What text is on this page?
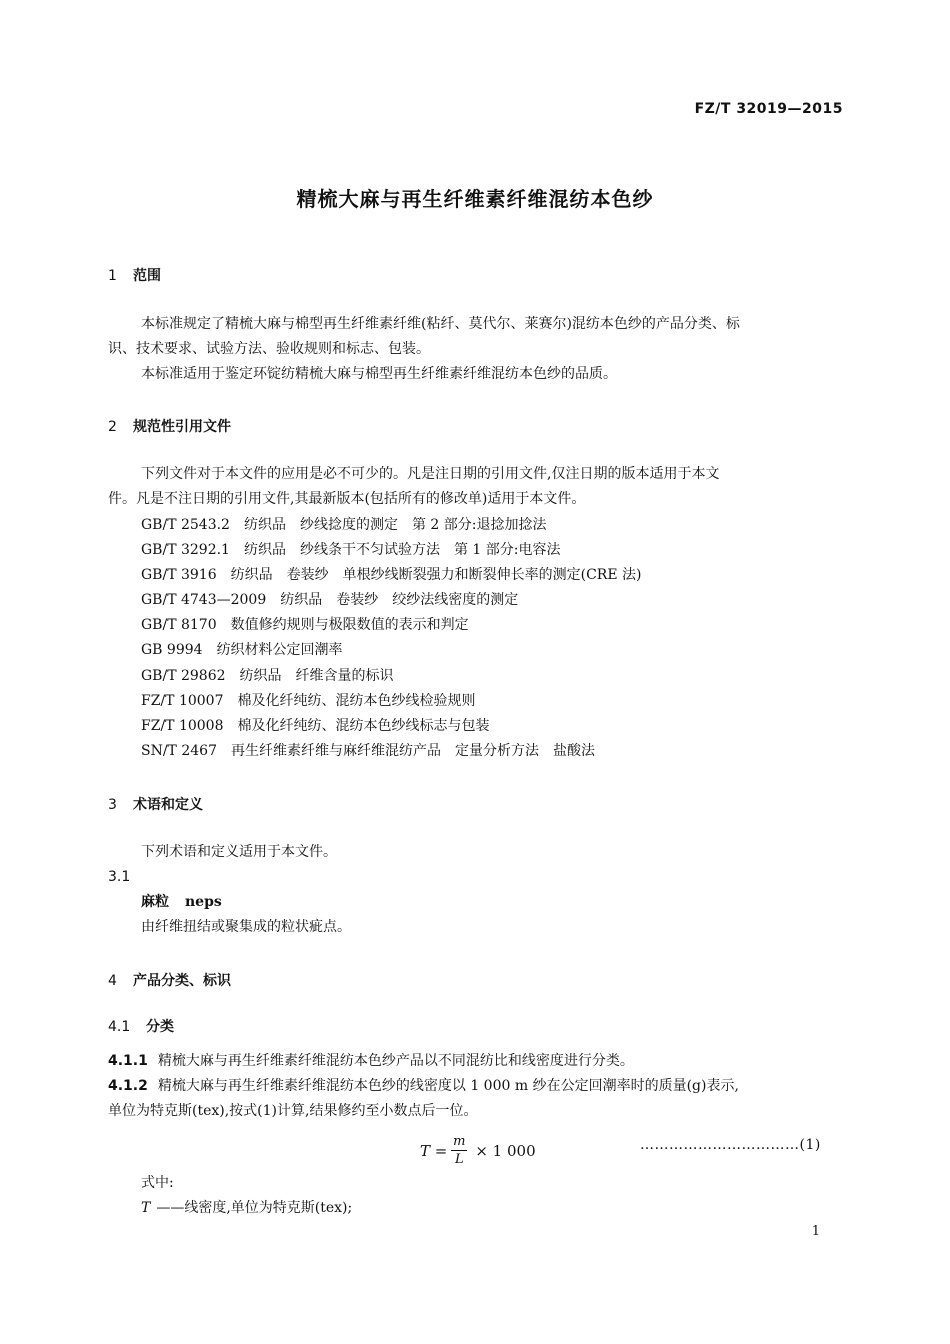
FZ/T 32019—2015
精梳大麻与再生纤维素纤维混纺本色纱
1 范围
本标准规定了精梳大麻与棉型再生纤维素纤维(粘纤、莫代尔、莱赛尔)混纺本色纱的产品分类、标
识、技术要求、试验方法、验收规则和标志、包装。
本标准适用于鉴定环锭纺精梳大麻与棉型再生纤维素纤维混纺本色纱的品质。
2 规范性引用文件
下列文件对于本文件的应用是必不可少的。凡是注日期的引用文件,仅注日期的版本适用于本文
件。凡是不注日期的引用文件,其最新版本(包括所有的修改单)适用于本文件。
GB/T 2543.2 纺织品　纱线捻度的测定　第 2 部分:退捻加捻法
GB/T 3292.1 纺织品　纱线条干不匀试验方法　第 1 部分:电容法
GB/T 3916 纺织品　卷装纱　单根纱线断裂强力和断裂伸长率的测定(CRE 法)
GB/T 4743—2009 纺织品　卷装纱　绞纱法线密度的测定
GB/T 8170 数值修约规则与极限数值的表示和判定
GB 9994 纺织材料公定回潮率
GB/T 29862 纺织品　纤维含量的标识
FZ/T 10007 棉及化纤纯纺、混纺本色纱线检验规则
FZ/T 10008 棉及化纤纯纺、混纺本色纱线标志与包装
SN/T 2467 再生纤维素纤维与麻纤维混纺产品　定量分析方法　盐酸法
3 术语和定义
下列术语和定义适用于本文件。
3.1
麻粒 neps
由纤维扭结或聚集成的粒状疵点。
4 产品分类、标识
4.1 分类
4.1.1 精梳大麻与再生纤维素纤维混纺本色纱产品以不同混纺比和线密度进行分类。
4.1.2 精梳大麻与再生纤维素纤维混纺本色纱的线密度以 1 000 m 纱在公定回潮率时的质量(g)表示,
单位为特克斯(tex),按式(1)计算,结果修约至小数点后一位。
$T = \frac{m}{L} \times 1$ 000	……………………………(1)
式中:
T ——线密度,单位为特克斯(tex);
1
